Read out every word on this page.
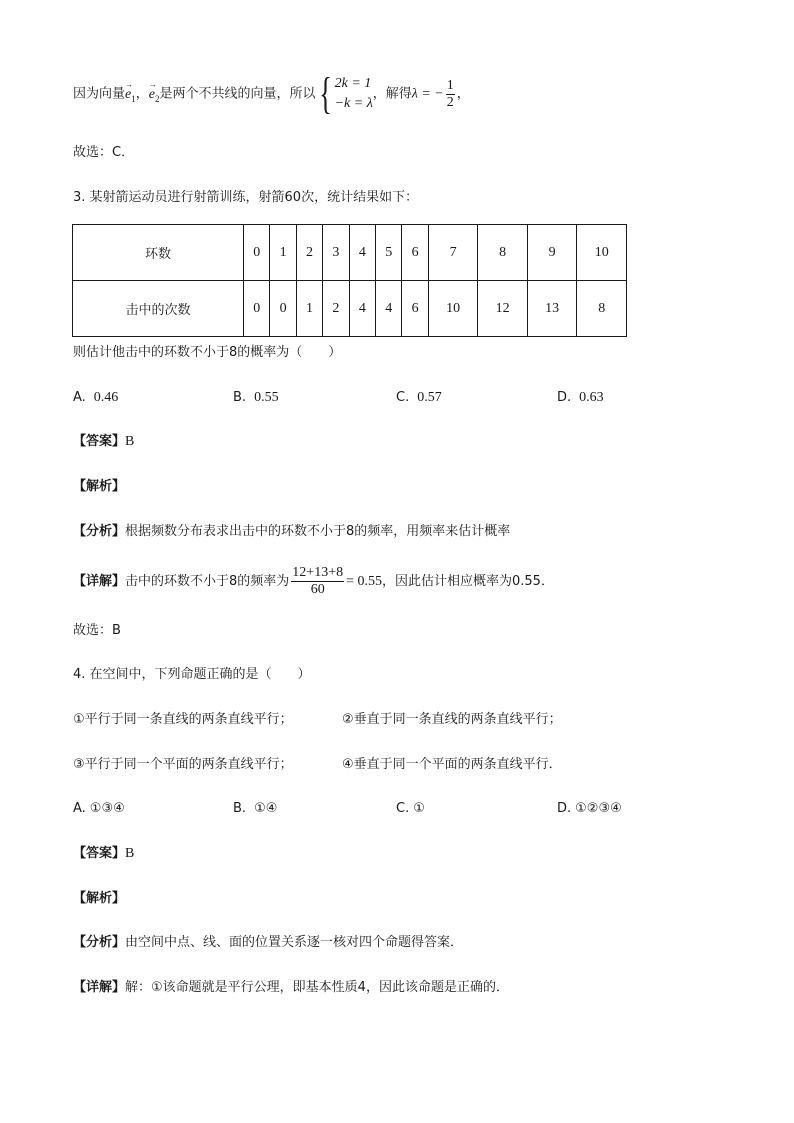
因为向量
→
$e_1$，
→
$e_2$是两个不共线的向量，所以 { 2k = 1
−k = λ
，解得λ = − $\frac{1}{2}$ ，
故选：C．
3. 某射箭运动员进行射箭训练，射箭60次，统计结果如下：
环数	0	1	2	3	4	5	6	7	8	9	10
击中的次数	0	0	1	2	4	4	6	10	12	13	8
则估计他击中的环数不小于8的概率为（　　）
A. 0.46	B. 0.55	C. 0.57	D. 0.63
【答案】B
【解析】
【分析】根据频数分布表求出击中的环数不小于8的频率，用频率来估计概率
【详解】击中的环数不小于8的频率为 $\frac{12+13+8}{60} = 0.55$，因此估计相应概率为0.55．
故选：B
4. 在空间中，下列命题正确的是（　　）
①平行于同一条直线的两条直线平行；	②垂直于同一条直线的两条直线平行；
③平行于同一个平面的两条直线平行；	④垂直于同一个平面的两条直线平行．
A. ①③④	B. ①④	C. ①	D. ①②③④
【答案】B
【解析】
【分析】由空间中点、线、面的位置关系逐一核对四个命题得答案．
【详解】解：①该命题就是平行公理，即基本性质4，因此该命题是正确的．
